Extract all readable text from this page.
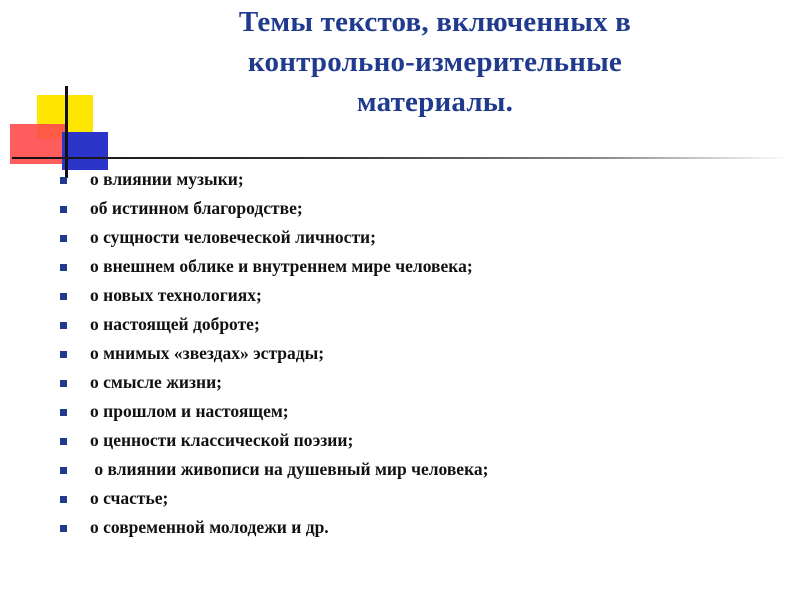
Темы текстов, включенных в контрольно-измерительные материалы.
о влиянии музыки;
об истинном благородстве;
о сущности человеческой личности;
о внешнем облике и внутреннем мире человека;
о новых технологиях;
о настоящей доброте;
о мнимых «звездах» эстрады;
о смысле жизни;
о прошлом и настоящем;
о ценности классической поэзии;
о влиянии живописи на душевный мир человека;
о счастье;
о современной молодежи и др.
